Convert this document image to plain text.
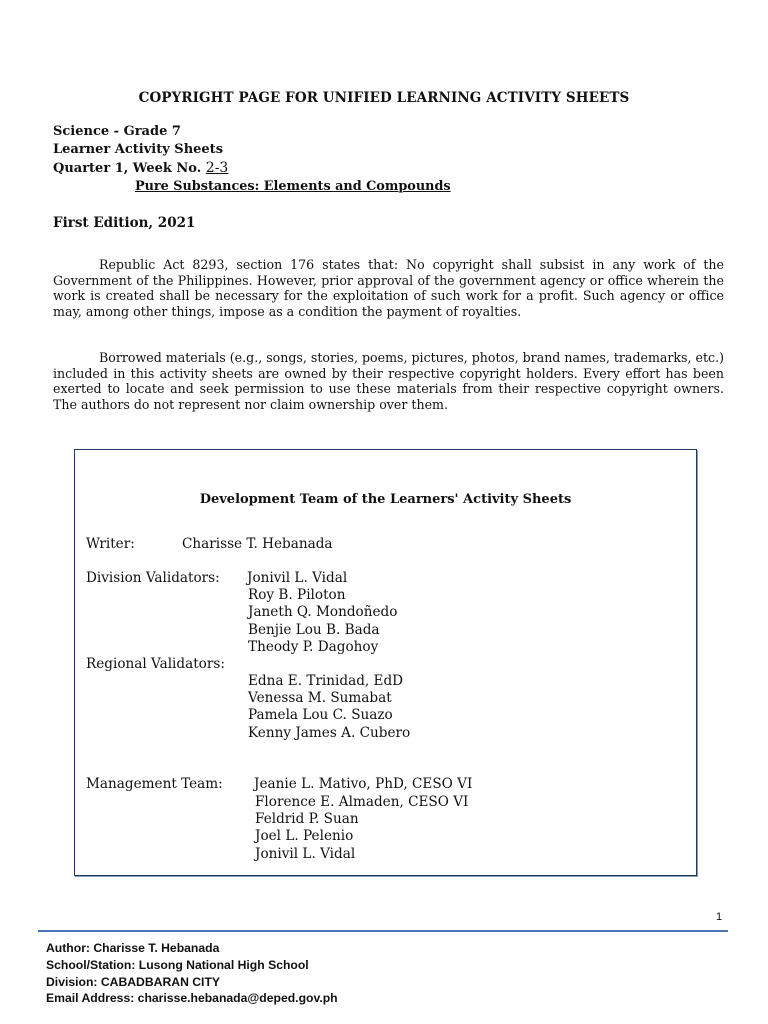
COPYRIGHT PAGE FOR UNIFIED LEARNING ACTIVITY SHEETS
Science - Grade 7
Learner Activity Sheets
Quarter 1, Week No. 2-3
Pure Substances: Elements and Compounds
First Edition, 2021

Republic Act 8293, section 176 states that: No copyright shall subsist in any work of the Government of the Philippines. However, prior approval of the government agency or office wherein the work is created shall be necessary for the exploitation of such work for a profit. Such agency or office may, among other things, impose as a condition the payment of royalties.

Borrowed materials (e.g., songs, stories, poems, pictures, photos, brand names, trademarks, etc.) included in this activity sheets are owned by their respective copyright holders. Every effort has been exerted to locate and seek permission to use these materials from their respective copyright owners. The authors do not represent nor claim ownership over them.

Development Team of the Learners' Activity Sheets
Writer:	Charisse T. Hebanada
Division Validators: Jonivil L. Vidal
Roy B. Piloton
Janeth Q. Mondoñedo
Benjie Lou B. Bada
Theody P. Dagohoy
Regional Validators:
Edna E. Trinidad, EdD
Venessa M. Sumabat
Pamela Lou C. Suazo
Kenny James A. Cubero
Management Team: Jeanie L. Mativo, PhD, CESO VI
Florence E. Almaden, CESO VI
Feldrid P. Suan
Joel L. Pelenio
Jonivil L. Vidal
1
Author: Charisse T. Hebanada
School/Station: Lusong National High School
Division: CABADBARAN CITY
Email Address: charisse.hebanada@deped.gov.ph
